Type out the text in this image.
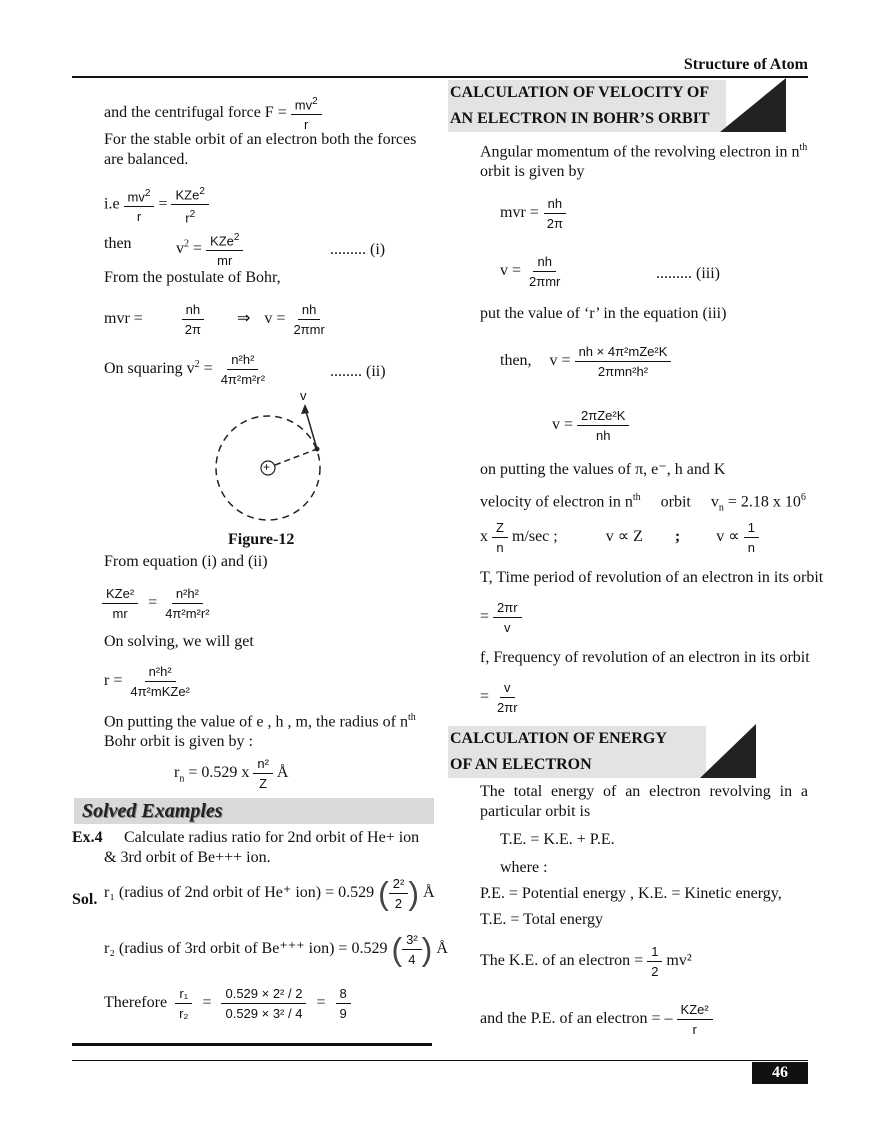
Structure of Atom
and the centrifugal force $F = \frac{mv^2}{r}$
For the stable orbit of an electron both the forces are balanced.
$i.e \frac{mv^2}{r} = \frac{KZe^2}{r^2}$
then	$v^2 = \frac{KZe^2}{mr}$	......... (i)
From the postulate of Bohr,
mvr =	$\frac{nh}{2\pi}$ ⇒ $v = \frac{nh}{\text{2πmr}}$
On squaring $v^2 = \frac{\text{n²h²}}{\text{4π²m²r²}}$	........ (ii)
v
+
Figure-12
From equation (i) and (ii)
$\frac{\text{KZe²}}{mr} = \frac{\text{n²h²}}{\text{4π²m²r²}}$
On solving, we will get
$r = \frac{\text{n²h²}}{\text{4π²mKZe²}}$
On putting the value of e , h , m, the radius of $n^{th}$
Bohr orbit is given by :
$r_n = 0.529$ x $\frac{\text{n²}}{Z}$ Å
Solved Examples
Ex.4	Calculate radius ratio for 2nd orbit of He+ ion & 3rd orbit of Be+++ ion.
Sol. r₁ (radius of 2nd orbit of He⁺ ion) = 0.529 ( $\frac{\text{2²}}{2}$ ) Å
r₂ (radius of 3rd orbit of Be⁺⁺⁺ ion) = 0.529 ( $\frac{\text{3²}}{4}$ ) Å
Therefore $\frac{\text{r₁}}{\text{r₂}} = \frac{\text{0.529 × 2² / 2}}{\text{0.529 × 3² / 4}} = \frac{8}{9}$
CALCULATION OF VELOCITY OF
AN ELECTRON IN BOHR’S ORBIT
Angular momentum of the revolving electron in $n^{th}$
orbit is given by
mvr = $\frac{nh}{2\pi}$
$v = \frac{nh}{\text{2πmr}}$	......... (iii)
put the value of ‘r’ in the equation (iii)
then, $v = \frac{\text{nh × 4π²mZe²K}}{\text{2πmn²h²}}$
$v = \frac{\text{2πZe²K}}{nh}$
on putting the values of π, e⁻, h and K
velocity of electron in $n^{th}$ orbit $v_n = 2.18$ x $10^6$
x $\frac{Z}{n} m/\sec$ ;	v ∝ Z ; $v \propto \frac{1}{n}$
T, Time period of revolution of an electron in its orbit
= $\frac{2\pi r}{v}$
f, Frequency of revolution of an electron in its orbit
= $\frac{v}{2\pi r}$
CALCULATION OF ENERGY
OF AN ELECTRON
The total energy of an electron revolving in a particular orbit is
T.E. = K.E. + P.E.
where :
P.E. = Potential energy , K.E. = Kinetic energy,
T.E. = Total energy
The K.E. of an electron = $\frac{1}{2} mv^2$
and the P.E. of an electron = – $\frac{\text{KZe²}}{r}$
46
